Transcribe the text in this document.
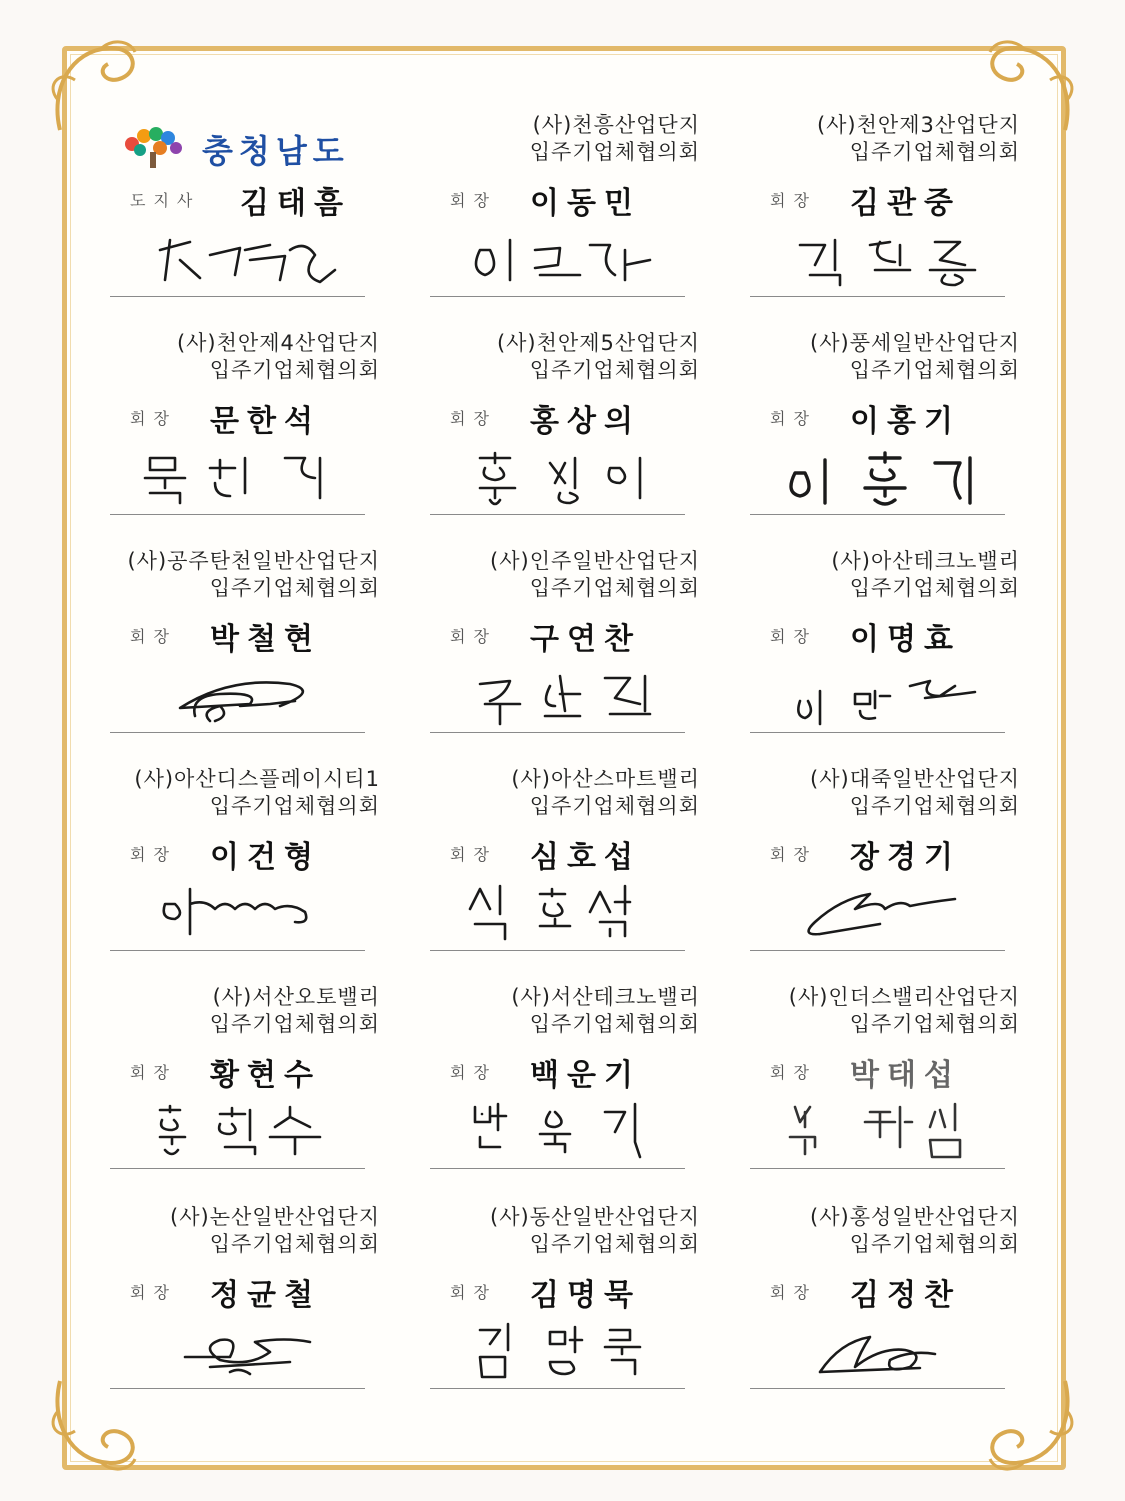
충청남도
도지사 김태흠
(사)천흥산업단지
입주기업체협의회
회장 이동민
(사)천안제3산업단지
입주기업체협의회
회장 김관중
(사)천안제4산업단지
입주기업체협의회
회장 문한석
(사)천안제5산업단지
입주기업체협의회
회장 홍상의
(사)풍세일반산업단지
입주기업체협의회
회장 이홍기
(사)공주탄천일반산업단지
입주기업체협의회
회장 박철현
(사)인주일반산업단지
입주기업체협의회
회장 구연찬
(사)아산테크노밸리
입주기업체협의회
회장 이명효
(사)아산디스플레이시티1
입주기업체협의회
회장 이건형
(사)아산스마트밸리
입주기업체협의회
회장 심호섭
(사)대죽일반산업단지
입주기업체협의회
회장 장경기
(사)서산오토밸리
입주기업체협의회
회장 황현수
(사)서산테크노밸리
입주기업체협의회
회장 백운기
(사)인더스밸리산업단지
입주기업체협의회
회장 박태섭
(사)논산일반산업단지
입주기업체협의회
회장 정균철
(사)동산일반산업단지
입주기업체협의회
회장 김명묵
(사)홍성일반산업단지
입주기업체협의회
회장 김정찬
